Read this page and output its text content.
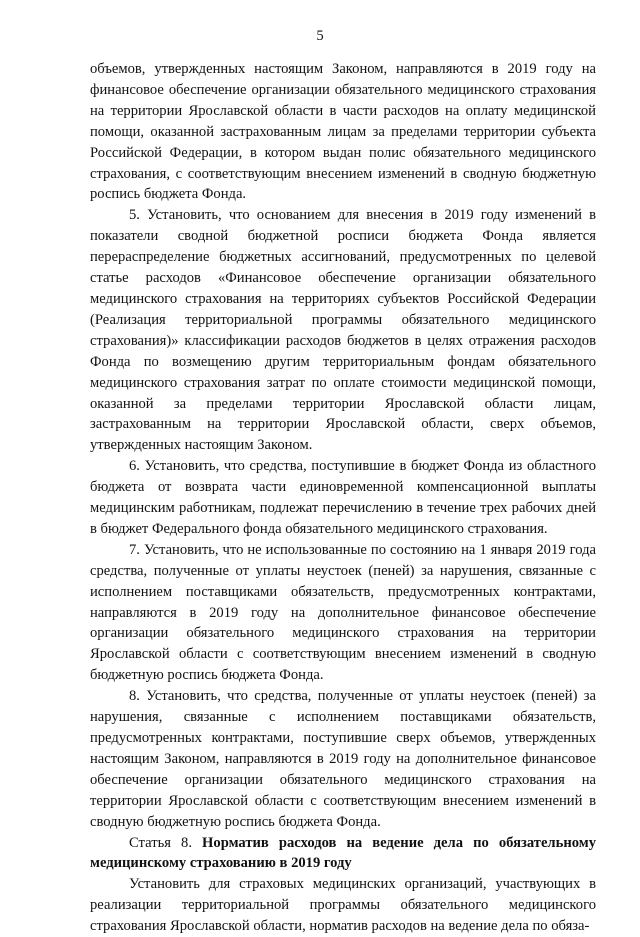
5

объемов, утвержденных настоящим Законом, направляются в 2019 году на финансовое обеспечение организации обязательного медицинского страхования на территории Ярославской области в части расходов на оплату медицинской помощи, оказанной застрахованным лицам за пределами территории субъекта Российской Федерации, в котором выдан полис обязательного медицинского страхования, с соответствующим внесением изменений в сводную бюджетную роспись бюджета Фонда.

5. Установить, что основанием для внесения в 2019 году изменений в показатели сводной бюджетной росписи бюджета Фонда является перераспределение бюджетных ассигнований, предусмотренных по целевой статье расходов «Финансовое обеспечение организации обязательного медицинского страхования на территориях субъектов Российской Федерации (Реализация территориальной программы обязательного медицинского страхования)» классификации расходов бюджетов в целях отражения расходов Фонда по возмещению другим территориальным фондам обязательного медицинского страхования затрат по оплате стоимости медицинской помощи, оказанной за пределами территории Ярославской области лицам, застрахованным на территории Ярославской области, сверх объемов, утвержденных настоящим Законом.

6. Установить, что средства, поступившие в бюджет Фонда из областного бюджета от возврата части единовременной компенсационной выплаты медицинским работникам, подлежат перечислению в течение трех рабочих дней в бюджет Федерального фонда обязательного медицинского страхования.

7. Установить, что не использованные по состоянию на 1 января 2019 года средства, полученные от уплаты неустоек (пеней) за нарушения, связанные с исполнением поставщиками обязательств, предусмотренных контрактами, направляются в 2019 году на дополнительное финансовое обеспечение организации обязательного медицинского страхования на территории Ярославской области с соответствующим внесением изменений в сводную бюджетную роспись бюджета Фонда.

8. Установить, что средства, полученные от уплаты неустоек (пеней) за нарушения, связанные с исполнением поставщиками обязательств, предусмотренных контрактами, поступившие сверх объемов, утвержденных настоящим Законом, направляются в 2019 году на дополнительное финансовое обеспечение организации обязательного медицинского страхования на территории Ярославской области с соответствующим внесением изменений в сводную бюджетную роспись бюджета Фонда.

Статья 8. Норматив расходов на ведение дела по обязательному медицинскому страхованию в 2019 году

Установить для страховых медицинских организаций, участвующих в реализации территориальной программы обязательного медицинского страхования Ярославской области, норматив расходов на ведение дела по обяза-
